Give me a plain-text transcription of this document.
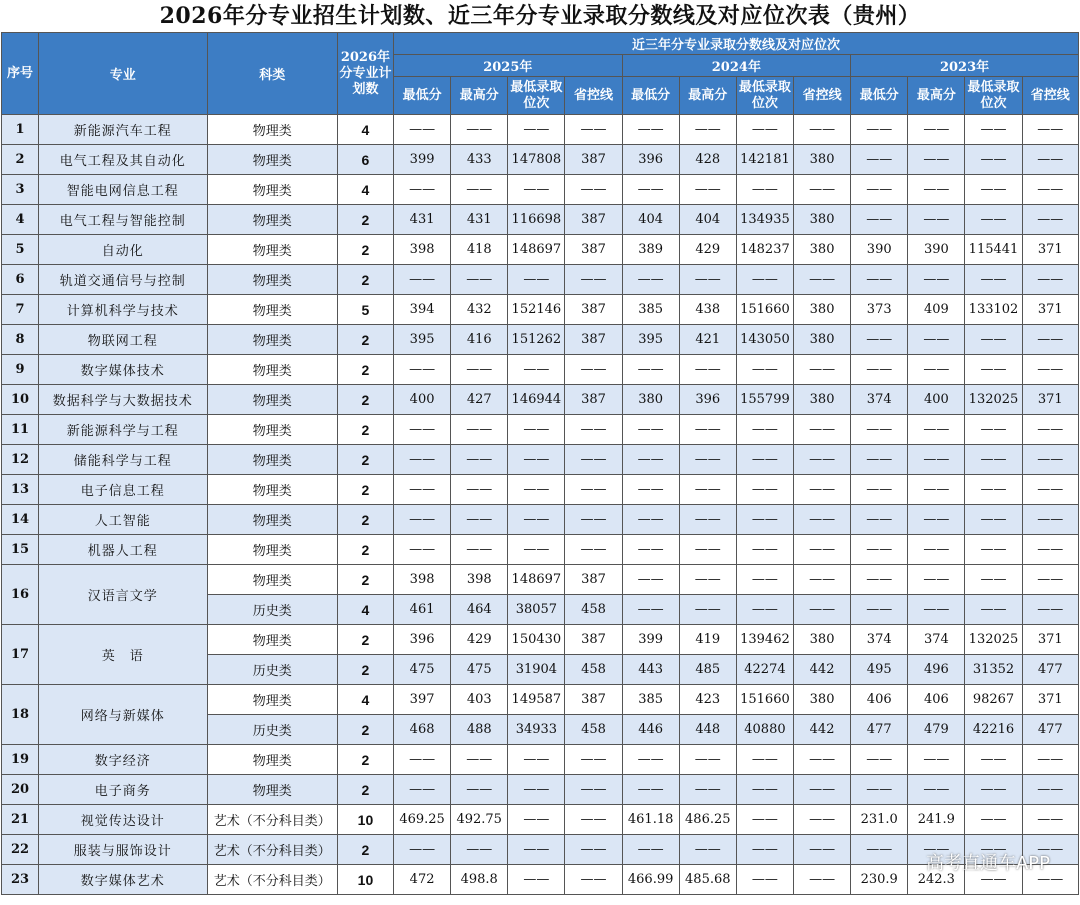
2026年分专业招生计划数、近三年分专业录取分数线及对应位次表（贵州）
序号	专业	科类	2026年分专业计划数	近三年分专业录取分数线及对应位次											
				2025年				2024年				2023年			
				最低分	最高分	最低录取位次	省控线	最低分	最高分	最低录取位次	省控线	最低分	最高分	最低录取位次	省控线
1	新能源汽车工程	物理类	4	——	——	——	——	——	——	——	——	——	——	——	——
2	电气工程及其自动化	物理类	6	399	433	147808	387	396	428	142181	380	——	——	——	——
3	智能电网信息工程	物理类	4	——	——	——	——	——	——	——	——	——	——	——	——
4	电气工程与智能控制	物理类	2	431	431	116698	387	404	404	134935	380	——	——	——	——
5	自动化	物理类	2	398	418	148697	387	389	429	148237	380	390	390	115441	371
6	轨道交通信号与控制	物理类	2	——	——	——	——	——	——	——	——	——	——	——	——
7	计算机科学与技术	物理类	5	394	432	152146	387	385	438	151660	380	373	409	133102	371
8	物联网工程	物理类	2	395	416	151262	387	395	421	143050	380	——	——	——	——
9	数字媒体技术	物理类	2	——	——	——	——	——	——	——	——	——	——	——	——
10	数据科学与大数据技术	物理类	2	400	427	146944	387	380	396	155799	380	374	400	132025	371
11	新能源科学与工程	物理类	2	——	——	——	——	——	——	——	——	——	——	——	——
12	储能科学与工程	物理类	2	——	——	——	——	——	——	——	——	——	——	——	——
13	电子信息工程	物理类	2	——	——	——	——	——	——	——	——	——	——	——	——
14	人工智能	物理类	2	——	——	——	——	——	——	——	——	——	——	——	——
15	机器人工程	物理类	2	——	——	——	——	——	——	——	——	——	——	——	——
16	汉语言文学	物理类	2	398	398	148697	387	——	——	——	——	——	——	——	——
		历史类	4	461	464	38057	458	——	——	——	——	——	——	——	——
17	英　语	物理类	2	396	429	150430	387	399	419	139462	380	374	374	132025	371
		历史类	2	475	475	31904	458	443	485	42274	442	495	496	31352	477
18	网络与新媒体	物理类	4	397	403	149587	387	385	423	151660	380	406	406	98267	371
		历史类	2	468	488	34933	458	446	448	40880	442	477	479	42216	477
19	数字经济	物理类	2	——	——	——	——	——	——	——	——	——	——	——	——
20	电子商务	物理类	2	——	——	——	——	——	——	——	——	——	——	——	——
21	视觉传达设计	艺术（不分科目类）	10	469.25	492.75	——	——	461.18	486.25	——	——	231.0	241.9	——	——
22	服装与服饰设计	艺术（不分科目类）	2	——	——	——	——	——	——	——	——	——	——	——	——
23	数字媒体艺术	艺术（不分科目类）	10	472	498.8	——	——	466.99	485.68	——	——	230.9	242.3	——	——
高考直通车APP
